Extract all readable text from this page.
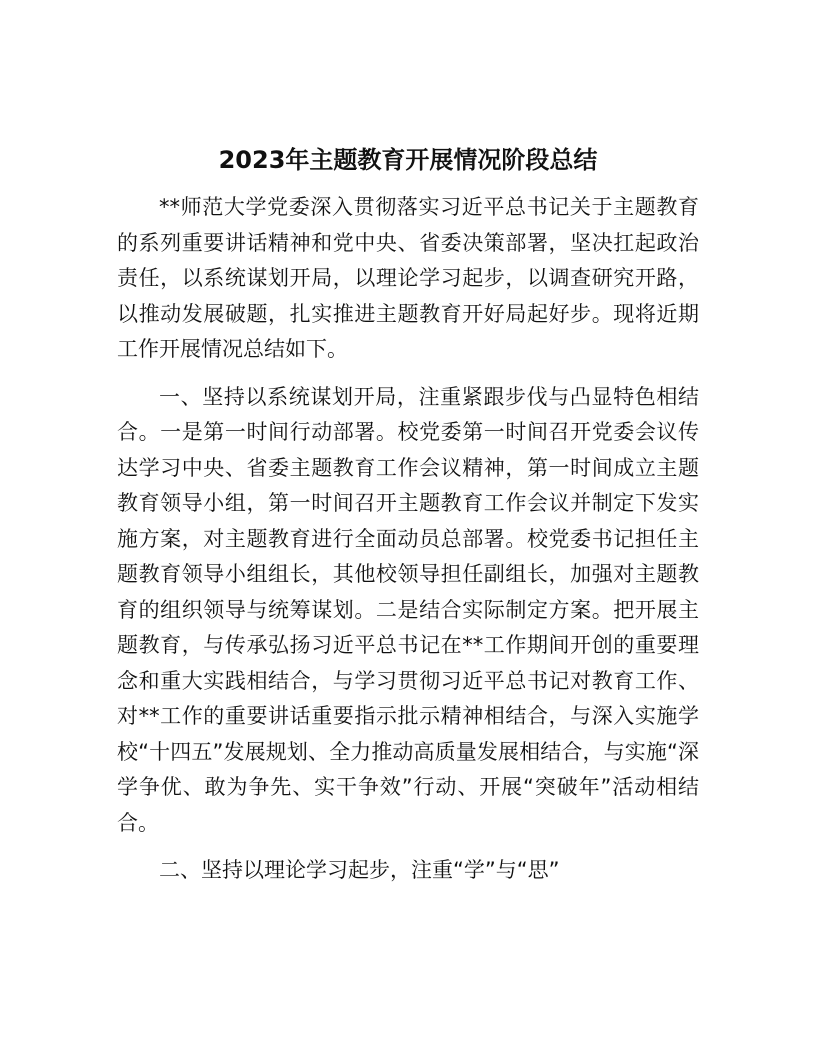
2023年主题教育开展情况阶段总结

**师范大学党委深入贯彻落实习近平总书记关于主题教育的系列重要讲话精神和党中央、省委决策部署，坚决扛起政治责任，以系统谋划开局，以理论学习起步，以调查研究开路，以推动发展破题，扎实推进主题教育开好局起好步。现将近期工作开展情况总结如下。

一、坚持以系统谋划开局，注重紧跟步伐与凸显特色相结合。一是第一时间行动部署。校党委第一时间召开党委会议传达学习中央、省委主题教育工作会议精神，第一时间成立主题教育领导小组，第一时间召开主题教育工作会议并制定下发实施方案，对主题教育进行全面动员总部署。校党委书记担任主题教育领导小组组长，其他校领导担任副组长，加强对主题教育的组织领导与统筹谋划。二是结合实际制定方案。把开展主题教育，与传承弘扬习近平总书记在**工作期间开创的重要理念和重大实践相结合，与学习贯彻习近平总书记对教育工作、对**工作的重要讲话重要指示批示精神相结合，与深入实施学校“十四五”发展规划、全力推动高质量发展相结合，与实施“深学争优、敢为争先、实干争效”行动、开展“突破年”活动相结合。

二、坚持以理论学习起步，注重“学”与“思”
